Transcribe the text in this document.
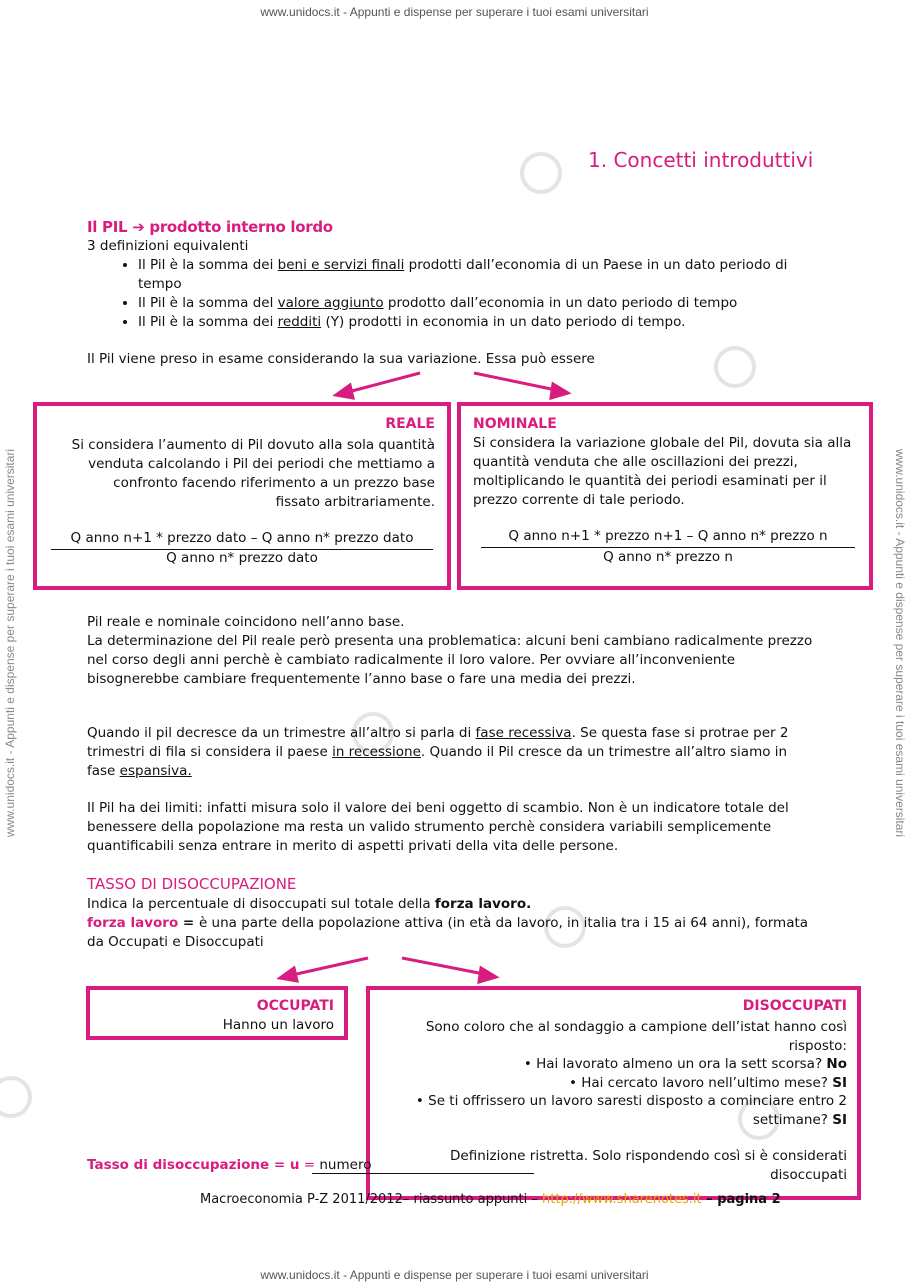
www.unidocs.it - Appunti e dispense per superare i tuoi esami universitari
www.unidocs.it - Appunti e dispense per superare i tuoi esami universitari
www.unidocs.it - Appunti e dispense per superare i tuoi esami universitari	www.unidocs.it - Appunti e dispense per superare i tuoi esami universitari
1. Concetti introduttivi
Il PIL ➔ prodotto interno lordo
3 definizioni equivalenti
• Il Pil è la somma dei beni e servizi finali prodotti dall’economia di un Paese in un dato periodo di tempo
• Il Pil è la somma del valore aggiunto prodotto dall’economia in un dato periodo di tempo
• Il Pil è la somma dei redditi (Y) prodotti in economia in un dato periodo di tempo.
Il Pil viene preso in esame considerando la sua variazione. Essa può essere
REALE
Si considera l’aumento di Pil dovuto alla sola quantità venduta calcolando i Pil dei periodi che mettiamo a confronto facendo riferimento a un prezzo base fissato arbitrariamente.
Q anno n+1 * prezzo dato – Q anno n* prezzo dato
Q anno n* prezzo dato
NOMINALE
Si considera la variazione globale del Pil, dovuta sia alla quantità venduta che alle oscillazioni dei prezzi, moltiplicando le quantità dei periodi esaminati per il prezzo corrente di tale periodo.
Q anno n+1 * prezzo n+1 – Q anno n* prezzo n
Q anno n* prezzo n
Pil reale e nominale coincidono nell’anno base.
La determinazione del Pil reale però presenta una problematica: alcuni beni cambiano radicalmente prezzo nel corso degli anni perchè è cambiato radicalmente il loro valore. Per ovviare all’inconveniente bisognerebbe cambiare frequentemente l’anno base o fare una media dei prezzi.
Quando il pil decresce da un trimestre all’altro si parla di fase recessiva. Se questa fase si protrae per 2 trimestri di fila si considera il paese in recessione. Quando il Pil cresce da un trimestre all’altro siamo in fase espansiva.
Il Pil ha dei limiti: infatti misura solo il valore dei beni oggetto di scambio. Non è un indicatore totale del benessere della popolazione ma resta un valido strumento perchè considera variabili semplicemente quantificabili senza entrare in merito di aspetti privati della vita delle persone.
TASSO DI DISOCCUPAZIONE
Indica la percentuale di disoccupati sul totale della forza lavoro.
forza lavoro = è una parte della popolazione attiva (in età da lavoro, in italia tra i 15 ai 64 anni), formata da Occupati e Disoccupati
OCCUPATI
Hanno un lavoro
DISOCCUPATI
Sono coloro che al sondaggio a campione dell’istat hanno così risposto:
• Hai lavorato almeno un ora la sett scorsa? No
• Hai cercato lavoro nell’ultimo mese? SI
• Se ti offrissero un lavoro saresti disposto a cominciare entro 2 settimane? SI
Definizione ristretta. Solo rispondendo così si è considerati disoccupati
Tasso di disoccupazione = u = numero
Macroeconomia P-Z 2011/2012– riassunto appunti – http://www.sharenotes.it – pagina 2
